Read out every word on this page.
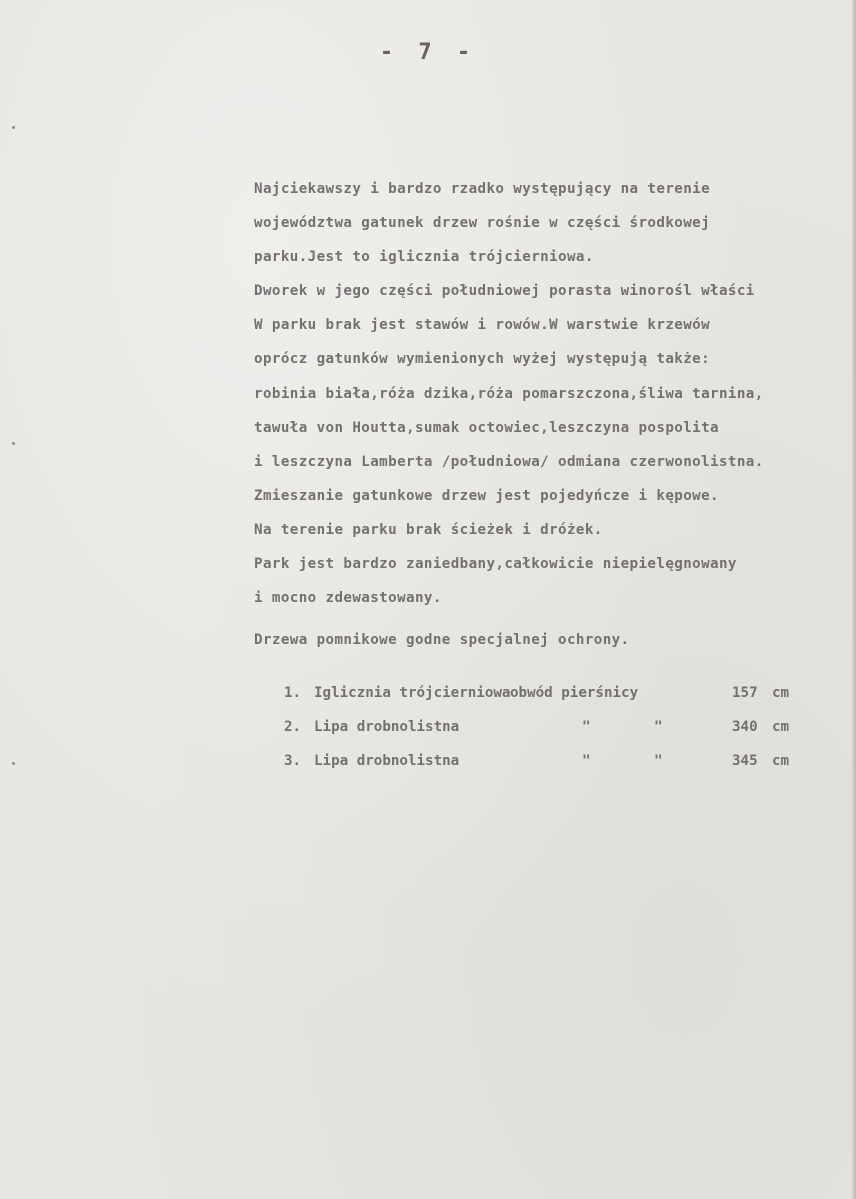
- 7 -
Najciekawszy i bardzo rzadko występujący na terenie
województwa gatunek drzew rośnie w części środkowej
parku.Jest to iglicznia trójcierniowa.
Dworek w jego części południowej porasta winorośl właści
W parku brak jest stawów i rowów.W warstwie krzewów
oprócz gatunków wymienionych wyżej występują także:
robinia biała,róża dzika,róża pomarszczona,śliwa tarnina,
tawuła von Houtta,sumak octowiec,leszczyna pospolita
i leszczyna Lamberta /południowa/ odmiana czerwonolistna.
Zmieszanie gatunkowe drzew jest pojedyńcze i kępowe.
Na terenie parku brak ścieżek i dróżek.
Park jest bardzo zaniedbany,całkowicie niepielęgnowany
i mocno zdewastowany.
Drzewa pomnikowe godne specjalnej ochrony.
1. Iglicznia trójcierniowa obwód pierśnicy	157 cm
2. Lipa drobnolistna	"	"	340 cm
3. Lipa drobnolistna	"	"	345 cm
